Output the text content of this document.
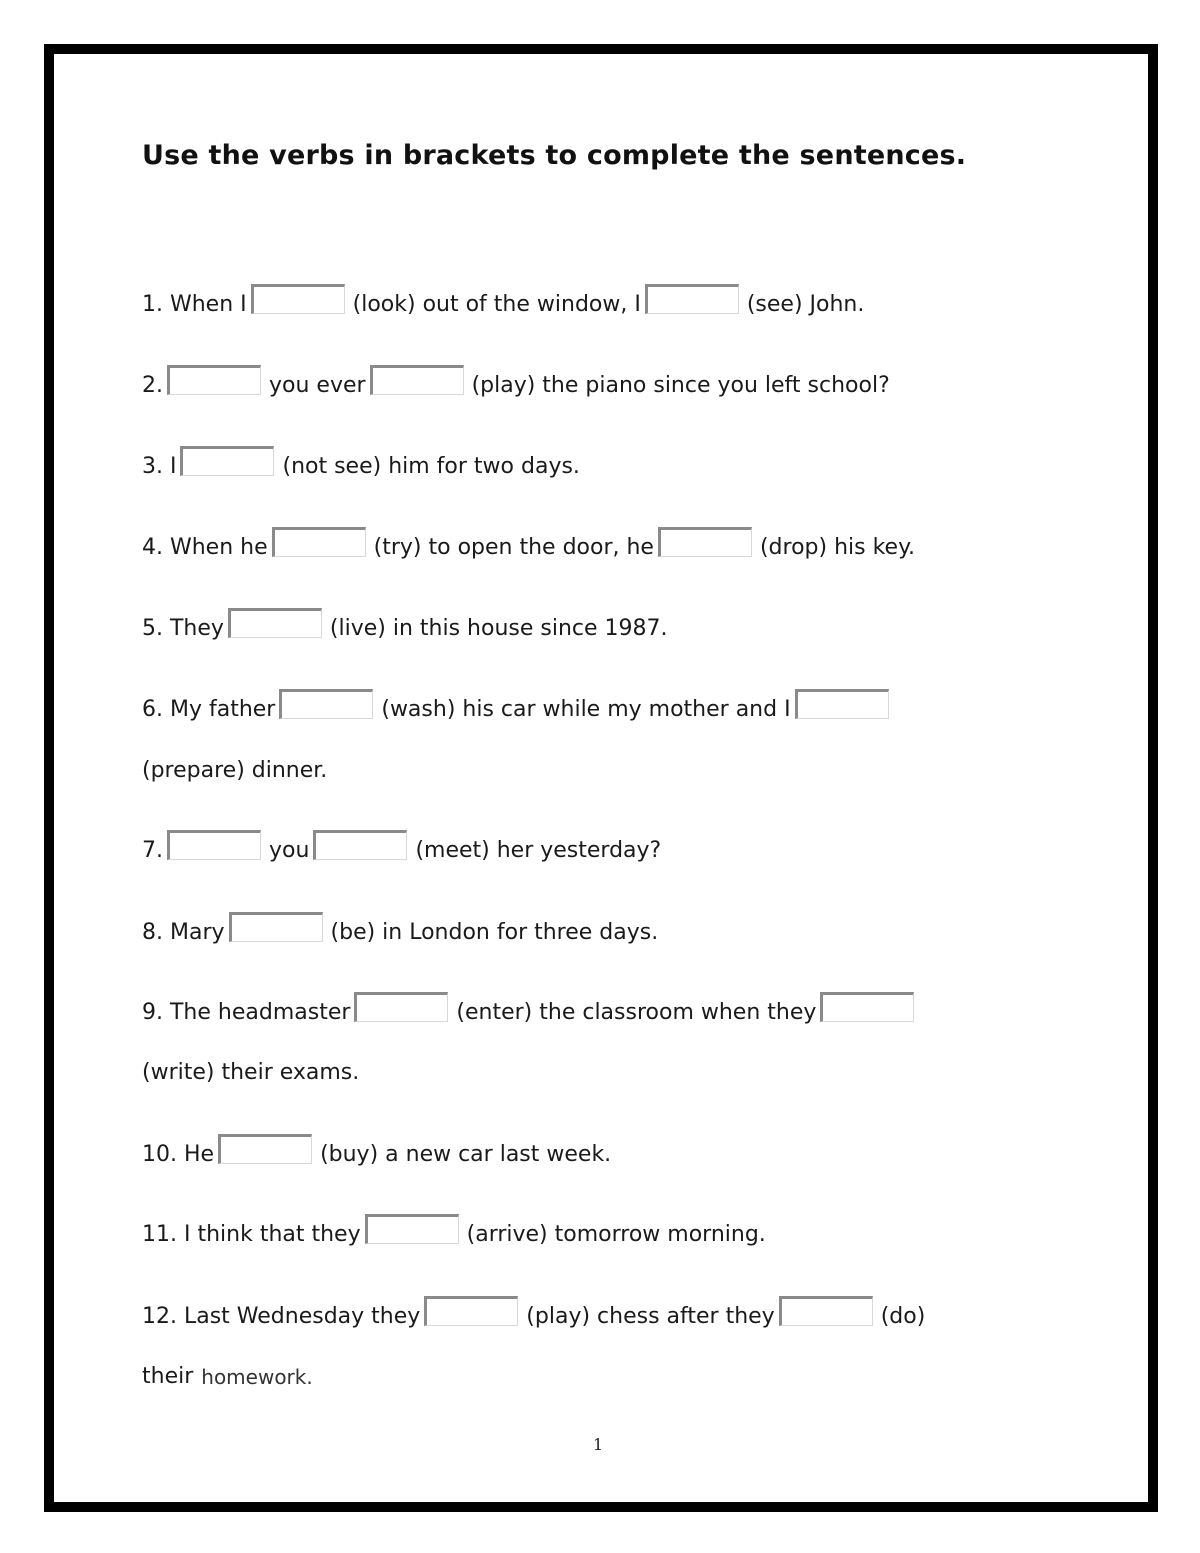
Use the verbs in brackets to complete the sentences.
1. When I	(look) out of the window, I	(see) John.
2.	you ever	(play) the piano since you left school?
3. I	(not see) him for two days.
4. When he	(try) to open the door, he	(drop) his key.
5. They	(live) in this house since 1987.
6. My father	(wash) his car while my mother and I
(prepare) dinner.
7.	you	(meet) her yesterday?
8. Mary	(be) in London for three days.
9. The headmaster	(enter) the classroom when they
(write) their exams.
10. He	(buy) a new car last week.
11. I think that they	(arrive) tomorrow morning.
12. Last Wednesday they	(play) chess after they	(do)
their homework.
1
